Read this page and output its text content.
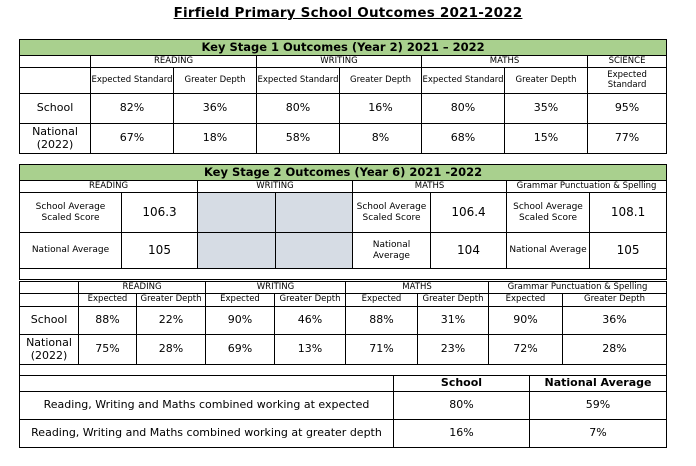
Firfield Primary School Outcomes 2021-2022
Key Stage 1 Outcomes (Year 2) 2021 – 2022							
	READING		WRITING		MATHS		SCIENCE
	Expected Standard	Greater Depth	Expected Standard	Greater Depth	Expected Standard	Greater Depth	Expected Standard
School	82%	36%	80%	16%	80%	35%	95%
National (2022)	67%	18%	58%	8%	68%	15%	77%
Key Stage 2 Outcomes (Year 6) 2021 -2022							
READING		WRITING		MATHS		Grammar Punctuation & Spelling	
School Average Scaled Score	106.3			School Average Scaled Score	106.4	School Average Scaled Score	108.1
National Average	105			National Average	104	National Average	105

	READING		WRITING		MATHS		Grammar Punctuation & Spelling	
	Expected	Greater Depth	Expected	Greater Depth	Expected	Greater Depth	Expected	Greater Depth
School	88%	22%	90%	46%	88%	31%	90%	36%
National (2022)	75%	28%	69%	13%	71%	23%	72%	28%

	School	National Average
Reading, Writing and Maths combined working at expected	80%	59%
Reading, Writing and Maths combined working at greater depth	16%	7%
